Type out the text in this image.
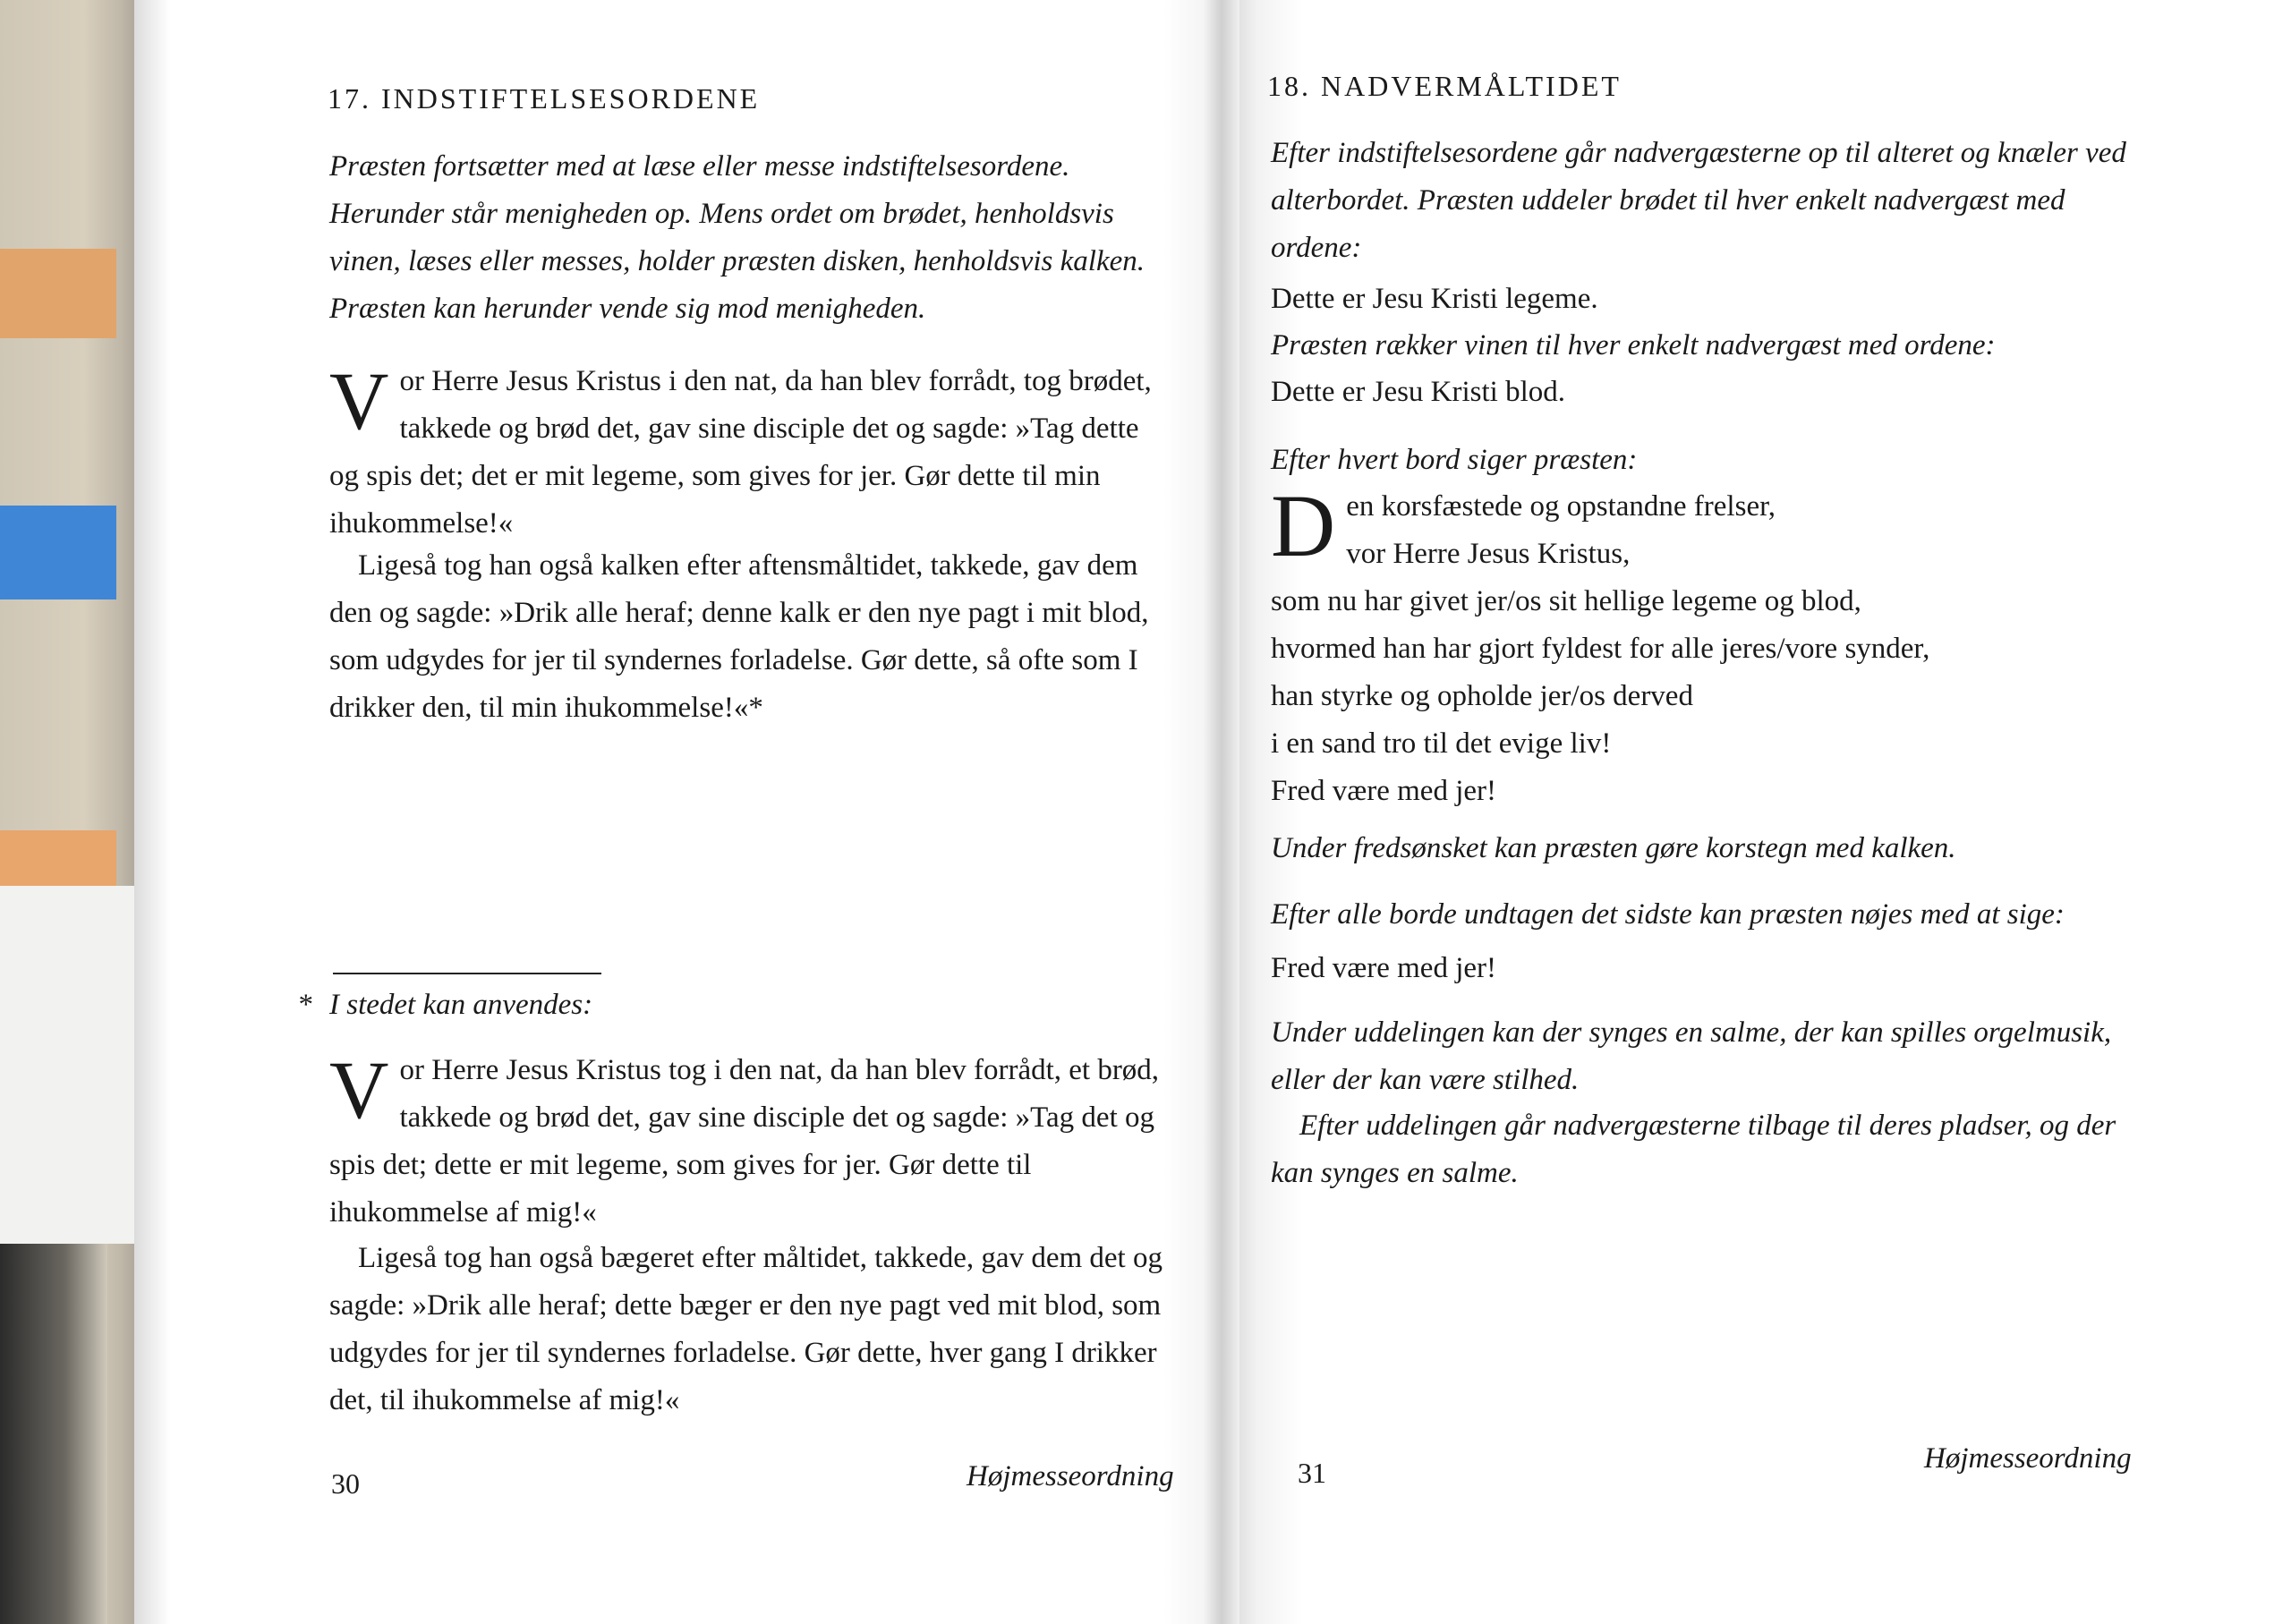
17. INDSTIFTELSESORDENE
Præsten fortsætter med at læse eller messe indstiftelsesordene. Herunder står menigheden op. Mens ordet om brødet, henholdsvis vinen, læses eller messes, holder præsten disken, henholdsvis kalken. Præsten kan herunder vende sig mod menigheden.
V or Herre Jesus Kristus i den nat, da han blev forrådt, tog brødet, takkede og brød det, gav sine disciple det og sagde: »Tag dette og spis det; det er mit legeme, som gives for jer. Gør dette til min ihukommelse!«

Ligeså tog han også kalken efter aftensmåltidet, takkede, gav dem den og sagde: »Drik alle heraf; denne kalk er den nye pagt i mit blod, som udgydes for jer til syndernes forladelse. Gør dette, så ofte som I drikker den, til min ihukommelse!«*

* I stedet kan anvendes:
V or Herre Jesus Kristus tog i den nat, da han blev forrådt, et brød, takkede og brød det, gav sine disciple det og sagde: »Tag det og spis det; dette er mit legeme, som gives for jer. Gør dette til ihukommelse af mig!«

Ligeså tog han også bægeret efter måltidet, takkede, gav dem det og sagde: »Drik alle heraf; dette bæger er den nye pagt ved mit blod, som udgydes for jer til syndernes forladelse. Gør dette, hver gang I drikker det, til ihukommelse af mig!«

30	Højmesseordning
18. NADVERMÅLTIDET
Efter indstiftelsesordene går nadvergæsterne op til alteret og knæler ved alterbordet. Præsten uddeler brødet til hver enkelt nadvergæst med ordene:
Dette er Jesu Kristi legeme.
Præsten rækker vinen til hver enkelt nadvergæst med ordene:
Dette er Jesu Kristi blod.
Efter hvert bord siger præsten:
D en korsfæstede og opstandne frelser,
vor Herre Jesus Kristus,
som nu har givet jer/os sit hellige legeme og blod,
hvormed han har gjort fyldest for alle jeres/vore synder,
han styrke og opholde jer/os derved
i en sand tro til det evige liv!
Fred være med jer!
Under fredsønsket kan præsten gøre korstegn med kalken.
Efter alle borde undtagen det sidste kan præsten nøjes med at sige:
Fred være med jer!
Under uddelingen kan der synges en salme, der kan spilles orgelmusik, eller der kan være stilhed.
Efter uddelingen går nadvergæsterne tilbage til deres pladser, og der kan synges en salme.
31	Højmesseordning
